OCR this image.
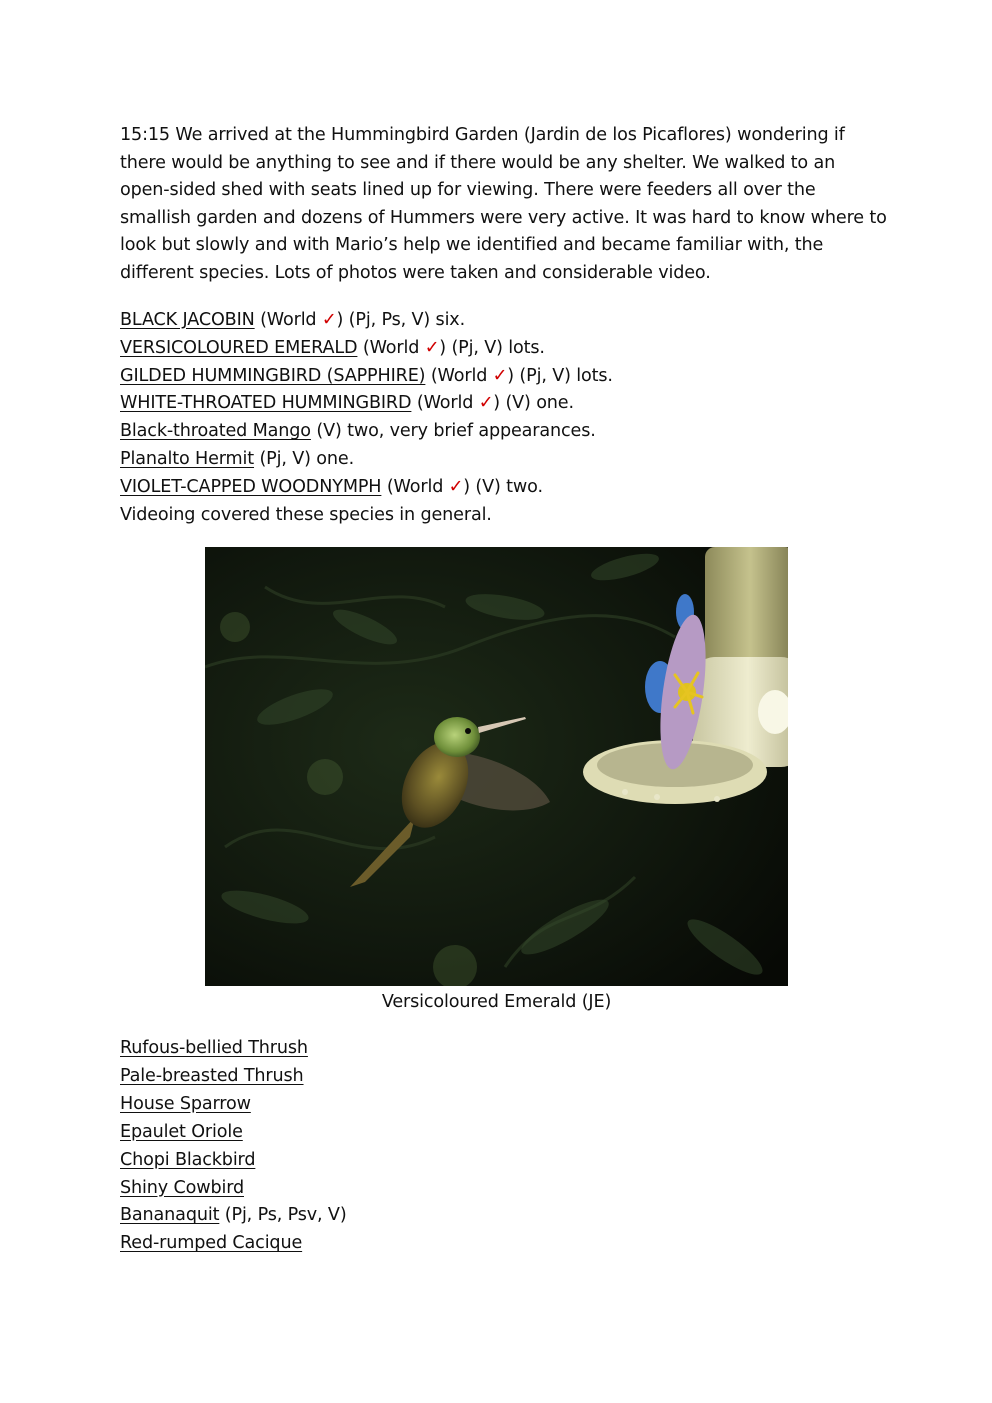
15:15 We arrived at the Hummingbird Garden (Jardin de los Picaflores) wondering if there would be anything to see and if there would be any shelter. We walked to an open-sided shed with seats lined up for viewing. There were feeders all over the smallish garden and dozens of Hummers were very active. It was hard to know where to look but slowly and with Mario’s help we identified and became familiar with, the different species. Lots of photos were taken and considerable video.

BLACK JACOBIN (World ✓) (Pj, Ps, V) six.
VERSICOLOURED EMERALD (World ✓) (Pj, V) lots.
GILDED HUMMINGBIRD (SAPPHIRE) (World ✓) (Pj, V) lots.
WHITE-THROATED HUMMINGBIRD (World ✓) (V) one.
Black-throated Mango (V) two, very brief appearances.
Planalto Hermit (Pj, V) one.
VIOLET-CAPPED WOODNYMPH (World ✓) (V) two.
Videoing covered these species in general.
Versicoloured Emerald (JE)
Rufous-bellied Thrush
Pale-breasted Thrush
House Sparrow
Epaulet Oriole
Chopi Blackbird
Shiny Cowbird
Bananaquit (Pj, Ps, Psv, V)
Red-rumped Cacique
